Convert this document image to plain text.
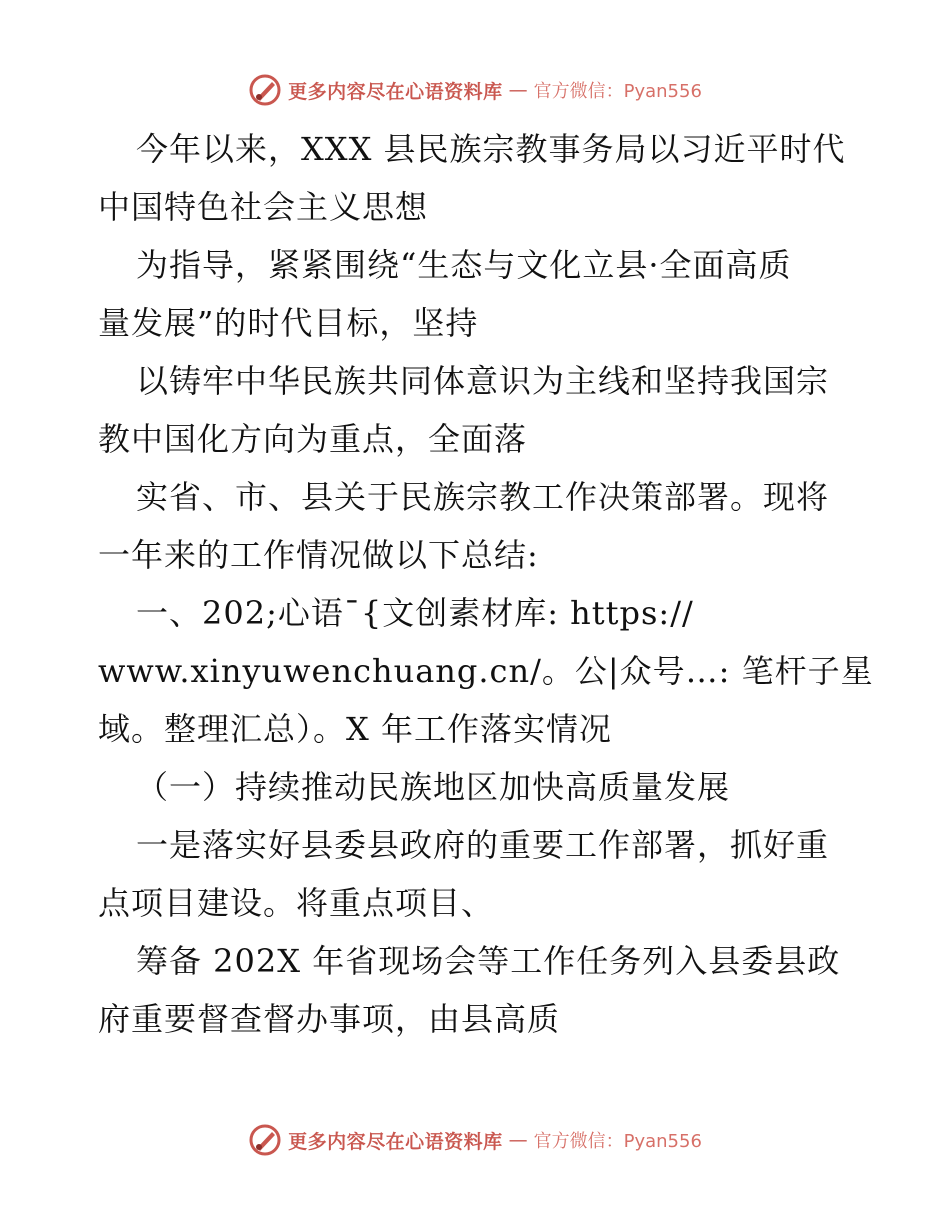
更多内容尽在心语资料库 — 官方微信：Pyan556
今年以来，XXX 县民族宗教事务局以习近平时代
中国特色社会主义思想
为指导，紧紧围绕“生态与文化立县·全面高质
量发展”的时代目标，坚持
以铸牢中华民族共同体意识为主线和坚持我国宗
教中国化方向为重点，全面落
实省、市、县关于民族宗教工作决策部署。现将
一年来的工作情况做以下总结:
一、202;心语¯{文创素材库: https://
www.xinyuwenchuang.cn/。公|众号…: 笔杆子星
域。整理汇总）。X 年工作落实情况
（一）持续推动民族地区加快高质量发展
一是落实好县委县政府的重要工作部署，抓好重
点项目建设。将重点项目、
筹备 202X 年省现场会等工作任务列入县委县政
府重要督查督办事项，由县高质
更多内容尽在心语资料库 — 官方微信：Pyan556
